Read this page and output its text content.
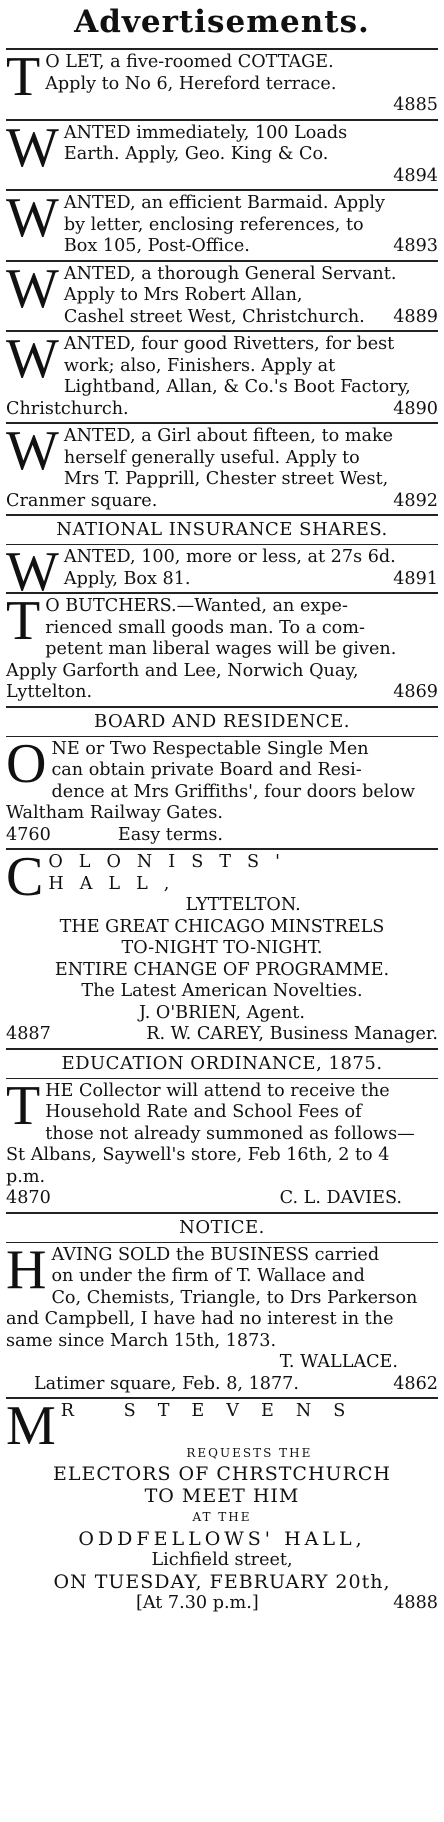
Advertisements.
T O LET, a five-roomed COTTAGE.
Apply to No 6, Hereford terrace.
4885
W ANTED immediately, 100 Loads
Earth. Apply, Geo. King & Co.
4894
W ANTED, an efficient Barmaid. Apply
by letter, enclosing references, to
Box 105, Post-Office.	4893
W ANTED, a thorough General Servant.
Apply to Mrs Robert Allan,
Cashel street West, Christchurch. 4889
W ANTED, four good Rivetters, for best
work; also, Finishers. Apply at
Lightband, Allan, & Co.'s Boot Factory,
Christchurch.	4890
W ANTED, a Girl about fifteen, to make
herself generally useful. Apply to
Mrs T. Papprill, Chester street West,
Cranmer square.	4892
NATIONAL INSURANCE SHARES.
W ANTED, 100, more or less, at 27s 6d.
Apply, Box 81.	4891
T O BUTCHERS.—Wanted, an expe-
rienced small goods man. To a com-
petent man liberal wages will be given.
Apply Garforth and Lee, Norwich Quay,
Lyttelton.	4869
BOARD AND RESIDENCE.
O NE or Two Respectable Single Men
can obtain private Board and Resi-
dence at Mrs Griffiths', four doors below
Waltham Railway Gates.
4760	Easy terms.
C OLONISTS' HALL,
LYTTELTON.
THE GREAT CHICAGO MINSTRELS
TO-NIGHT TO-NIGHT.
ENTIRE CHANGE OF PROGRAMME.
The Latest American Novelties.
J. O'BRIEN, Agent.
4887	R. W. CAREY, Business Manager.
EDUCATION ORDINANCE, 1875.
T HE Collector will attend to receive the
Household Rate and School Fees of
those not already summoned as follows—
St Albans, Saywell's store, Feb 16th, 2 to 4
p.m.
4870	C. L. DAVIES.
NOTICE.
H AVING SOLD the BUSINESS carried
on under the firm of T. Wallace and
Co, Chemists, Triangle, to Drs Parkerson
and Campbell, I have had no interest in the
same since March 15th, 1873.
T. WALLACE.
Latimer square, Feb. 8, 1877.	4862
M R STEVENS
REQUESTS THE
ELECTORS OF CHRSTCHURCH
TO MEET HIM
AT THE
ODDFELLOWS' HALL,
Lichfield street,
ON TUESDAY, FEBRUARY 20th,
[At 7.30 p.m.]	4888
